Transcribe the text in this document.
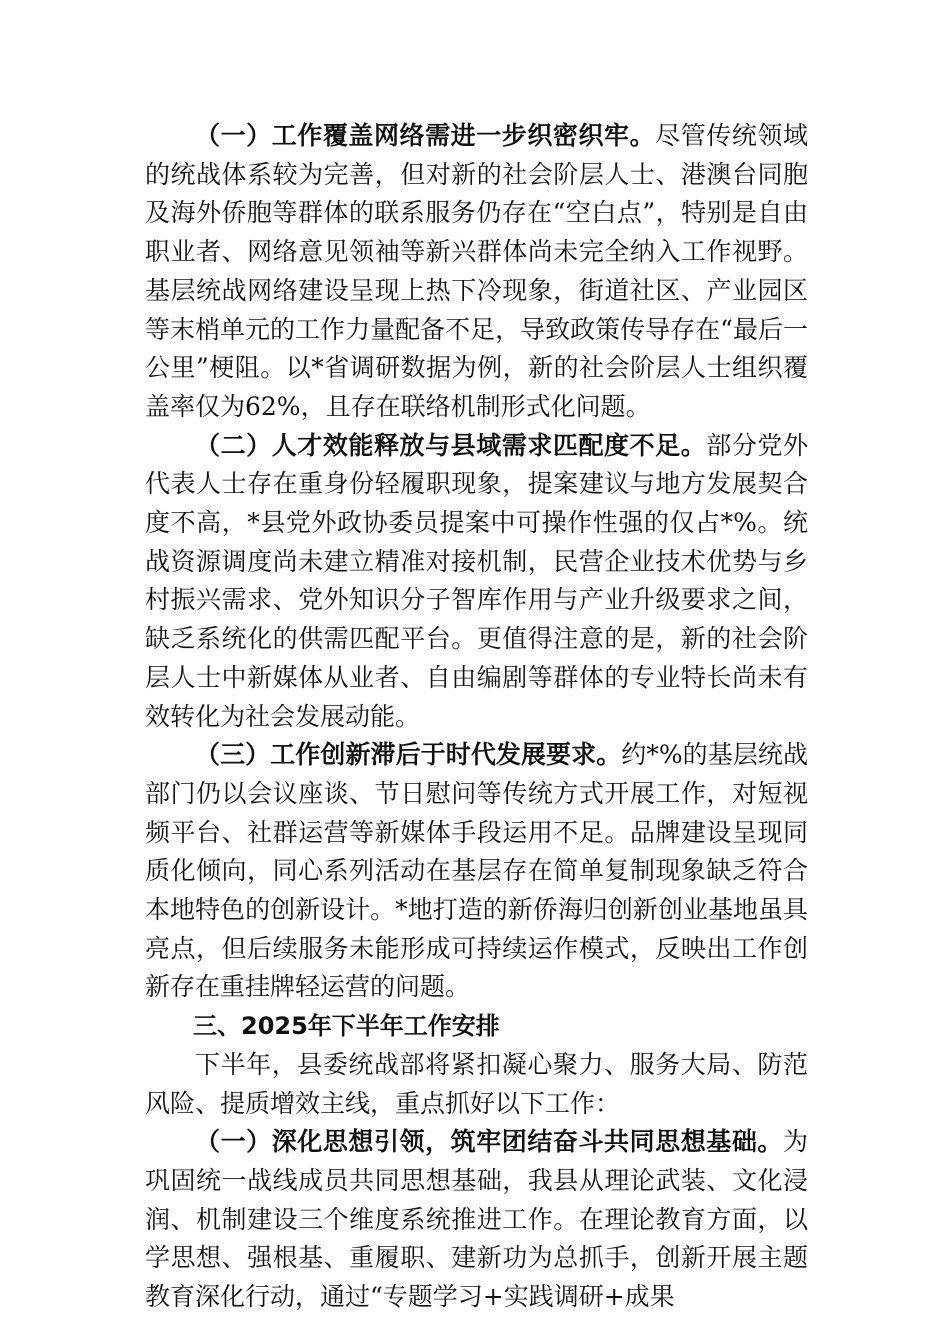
（一）工作覆盖网络需进一步织密织牢。尽管传统领域的统战体系较为完善，但对新的社会阶层人士、港澳台同胞及海外侨胞等群体的联系服务仍存在“空白点”，特别是自由职业者、网络意见领袖等新兴群体尚未完全纳入工作视野。基层统战网络建设呈现上热下冷现象，街道社区、产业园区等末梢单元的工作力量配备不足，导致政策传导存在“最后一公里”梗阻。以*省调研数据为例，新的社会阶层人士组织覆盖率仅为62%，且存在联络机制形式化问题。

（二）人才效能释放与县域需求匹配度不足。部分党外代表人士存在重身份轻履职现象，提案建议与地方发展契合度不高，*县党外政协委员提案中可操作性强的仅占*%。统战资源调度尚未建立精准对接机制，民营企业技术优势与乡村振兴需求、党外知识分子智库作用与产业升级要求之间，缺乏系统化的供需匹配平台。更值得注意的是，新的社会阶层人士中新媒体从业者、自由编剧等群体的专业特长尚未有效转化为社会发展动能。

（三）工作创新滞后于时代发展要求。约*%的基层统战部门仍以会议座谈、节日慰问等传统方式开展工作，对短视频平台、社群运营等新媒体手段运用不足。品牌建设呈现同质化倾向，同心系列活动在基层存在简单复制现象缺乏符合本地特色的创新设计。*地打造的新侨海归创新创业基地虽具亮点，但后续服务未能形成可持续运作模式，反映出工作创新存在重挂牌轻运营的问题。

三、2025年下半年工作安排

下半年，县委统战部将紧扣凝心聚力、服务大局、防范风险、提质增效主线，重点抓好以下工作：

（一）深化思想引领，筑牢团结奋斗共同思想基础。为巩固统一战线成员共同思想基础，我县从理论武装、文化浸润、机制建设三个维度系统推进工作。在理论教育方面，以学思想、强根基、重履职、建新功为总抓手，创新开展主题教育深化行动，通过“专题学习+实践调研+成果
